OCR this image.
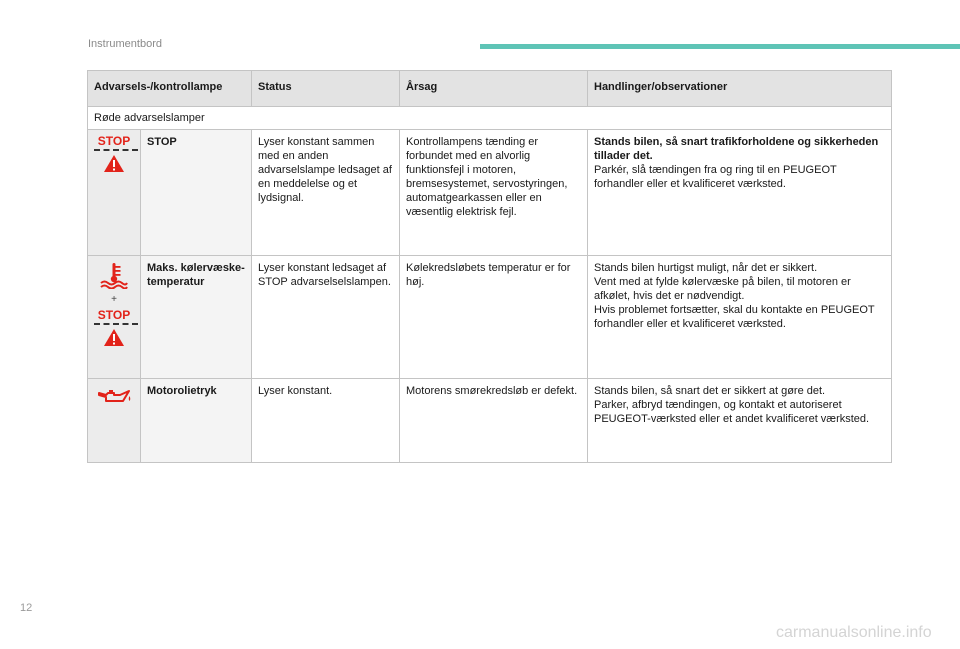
Instrumentbord
Advarsels-/kontrollampe		Status	Årsag	Handlinger/observationer
Røde advarselslamper				

STOP	STOP	Lyser konstant sammen med en anden advarselslampe ledsaget af en meddelelse og et lydsignal.	Kontrollampens tænding er forbundet med en alvorlig funktionsfejl i motoren, bremsesystemet, servostyringen, automatgearkassen eller en væsentlig elektrisk fejl.	Stands bilen, så snart trafikforholdene og sikkerheden tillader det.
Parkér, slå tændingen fra og ring til en PEUGEOT forhandler eller et kvalificeret værksted.

+
STOP	Maks. kølervæske-temperatur	Lyser konstant ledsaget af STOP advarselselslampen.	Kølekredsløbets temperatur er for høj.	Stands bilen hurtigst muligt, når det er sikkert.
Vent med at fylde kølervæske på bilen, til motoren er afkølet, hvis det er nødvendigt.
Hvis problemet fortsætter, skal du kontakte en PEUGEOT forhandler eller et kvalificeret værksted.

	Motorolietryk	Lyser konstant.	Motorens smørekredsløb er defekt.	Stands bilen, så snart det er sikkert at gøre det.
Parker, afbryd tændingen, og kontakt et autoriseret PEUGEOT-værksted eller et andet kvalificeret værksted.
12
carmanualsonline.info
